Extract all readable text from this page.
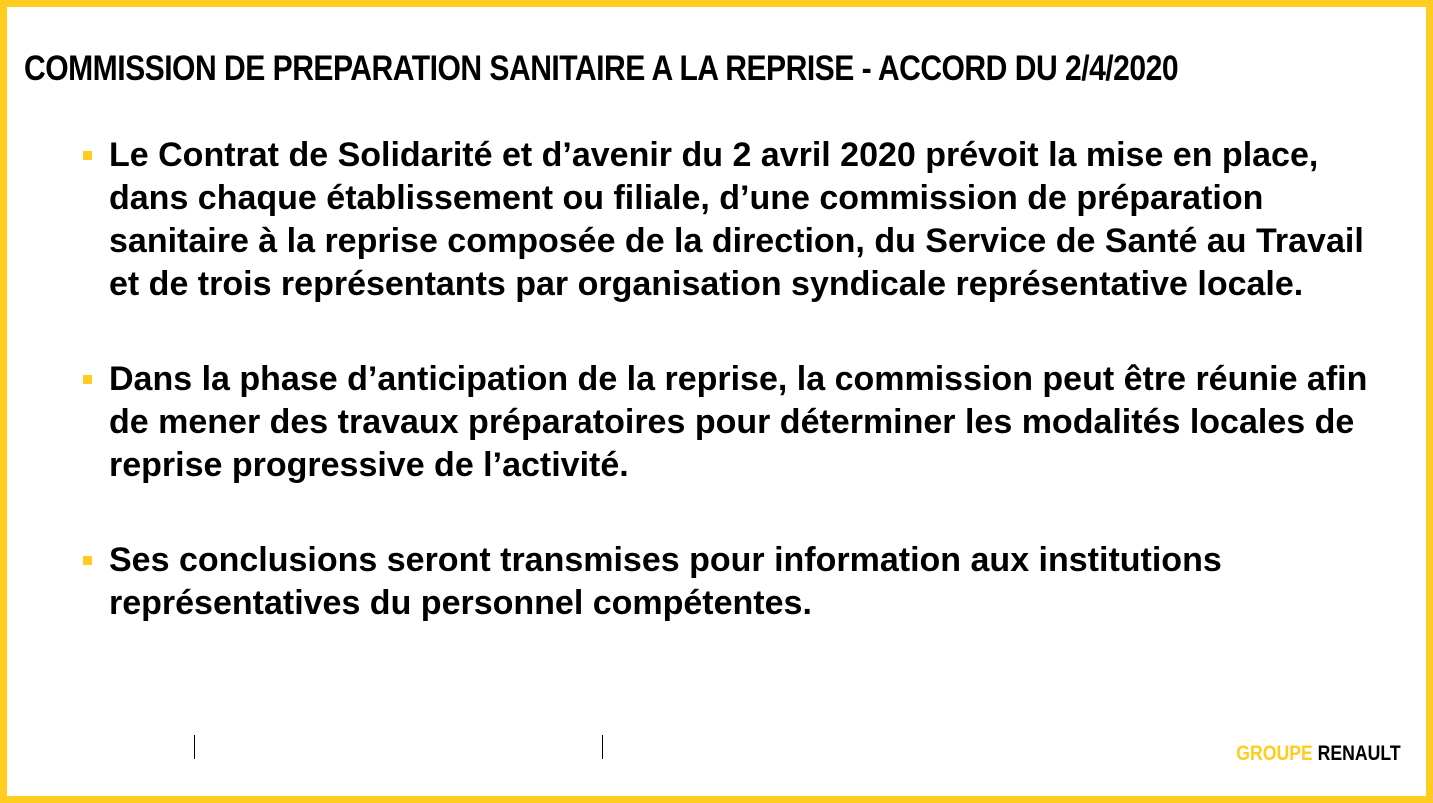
COMMISSION DE PREPARATION SANITAIRE A LA REPRISE - ACCORD DU 2/4/2020
Le Contrat de Solidarité et d’avenir du 2 avril 2020 prévoit la mise en place, dans chaque établissement ou filiale, d’une commission de préparation sanitaire à la reprise composée de la direction, du Service de Santé au Travail et de trois représentants par organisation syndicale représentative locale.
Dans la phase d’anticipation de la reprise, la commission peut être réunie afin de mener des travaux préparatoires pour déterminer les modalités locales de reprise progressive de l’activité.
Ses conclusions seront transmises pour information aux institutions représentatives du personnel compétentes.
GROUPE RENAULT
